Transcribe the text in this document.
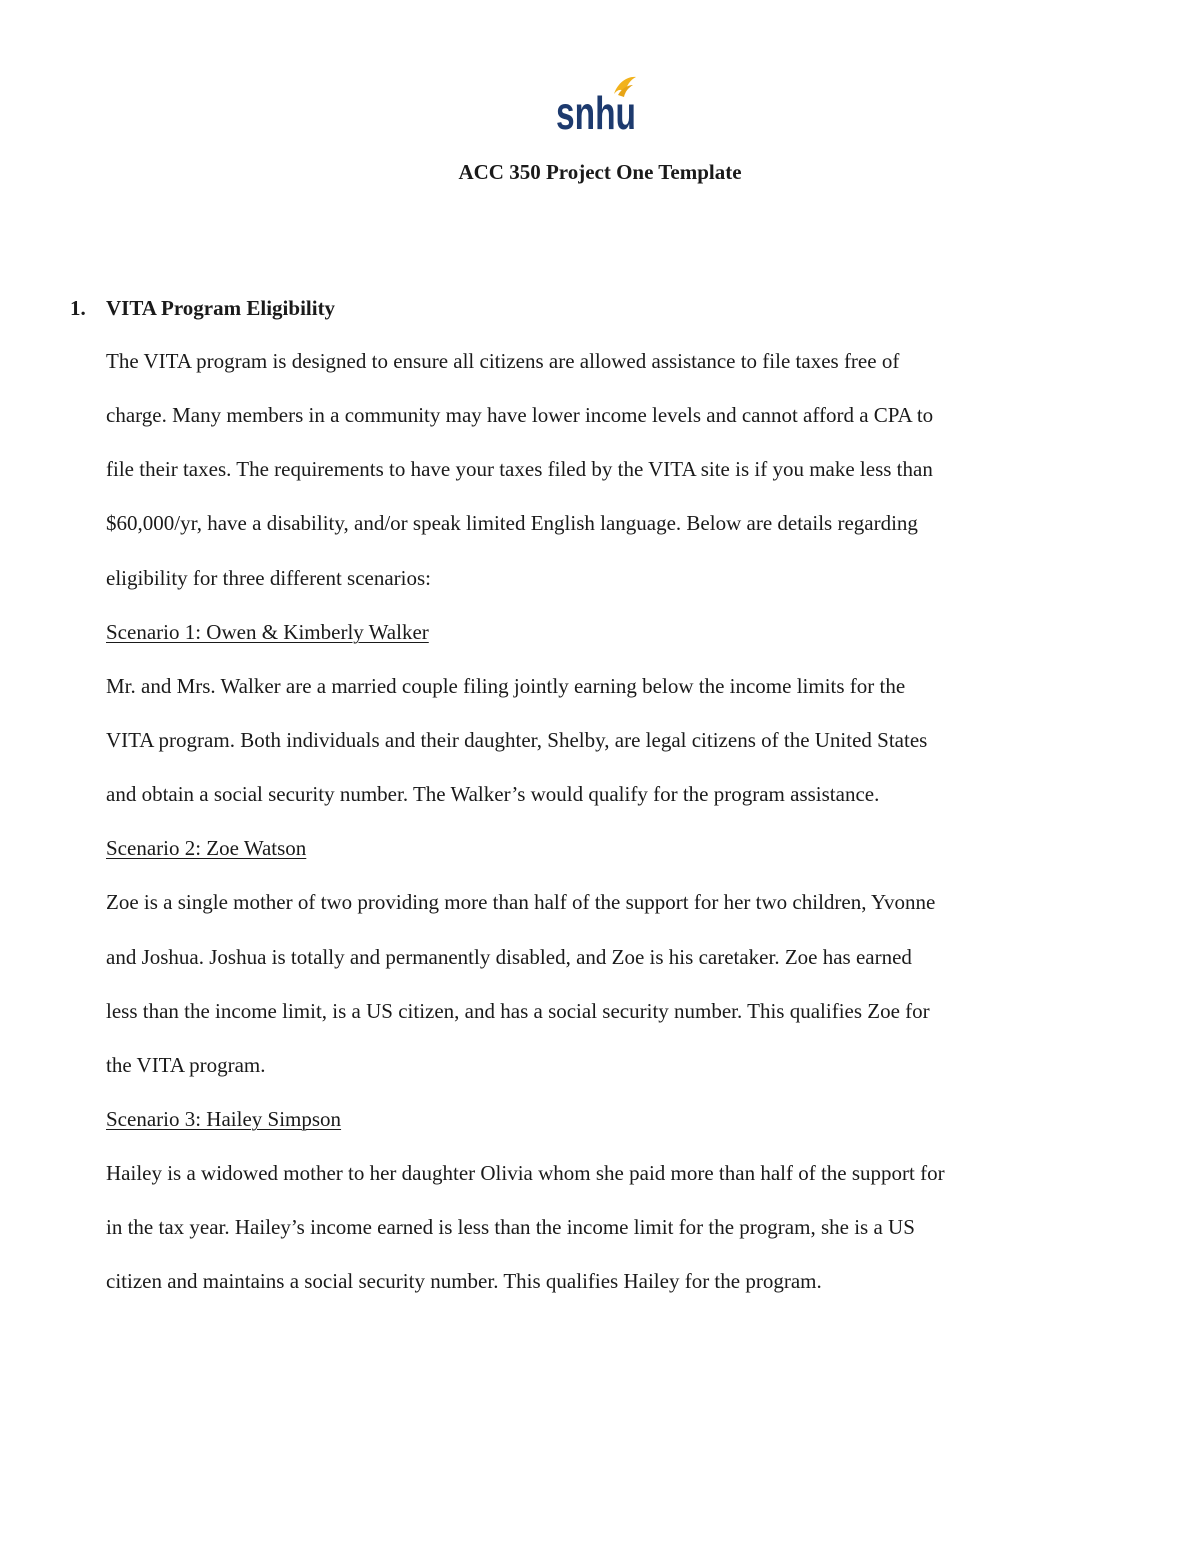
snhu
ACC 350 Project One Template
1. VITA Program Eligibility
The VITA program is designed to ensure all citizens are allowed assistance to file taxes free of
charge. Many members in a community may have lower income levels and cannot afford a CPA to
file their taxes. The requirements to have your taxes filed by the VITA site is if you make less than
$60,000/yr, have a disability, and/or speak limited English language. Below are details regarding
eligibility for three different scenarios:
Scenario 1: Owen & Kimberly Walker
Mr. and Mrs. Walker are a married couple filing jointly earning below the income limits for the
VITA program. Both individuals and their daughter, Shelby, are legal citizens of the United States
and obtain a social security number. The Walker’s would qualify for the program assistance.
Scenario 2: Zoe Watson
Zoe is a single mother of two providing more than half of the support for her two children, Yvonne
and Joshua. Joshua is totally and permanently disabled, and Zoe is his caretaker. Zoe has earned
less than the income limit, is a US citizen, and has a social security number. This qualifies Zoe for
the VITA program.
Scenario 3: Hailey Simpson
Hailey is a widowed mother to her daughter Olivia whom she paid more than half of the support for
in the tax year. Hailey’s income earned is less than the income limit for the program, she is a US
citizen and maintains a social security number. This qualifies Hailey for the program.
